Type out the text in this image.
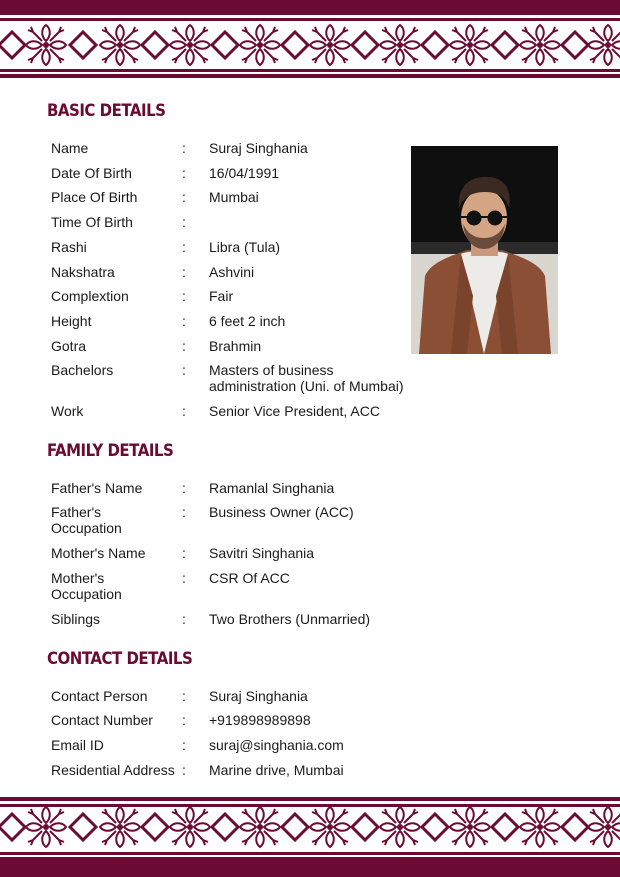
BASIC DETAILS
Name	: Suraj Singhania
Date Of Birth	: 16/04/1991
Place Of Birth	: Mumbai
Time Of Birth	:
Rashi	: Libra (Tula)
Nakshatra	: Ashvini
Complextion	: Fair
Height	: 6 feet 2 inch
Gotra	: Brahmin
Bachelors	: Masters of business administration (Uni. of Mumbai)
Work	: Senior Vice President, ACC
FAMILY DETAILS
Father's Name	: Ramanlal Singhania
Father's Occupation
: Business Owner (ACC)
Mother's Name	: Savitri Singhania
Mother's Occupation
: CSR Of ACC
Siblings	: Two Brothers (Unmarried)
CONTACT DETAILS
Contact Person	: Suraj Singhania
Contact Number	: +919898989898
Email ID	: suraj@singhania.com
Residential Address : Marine drive, Mumbai
